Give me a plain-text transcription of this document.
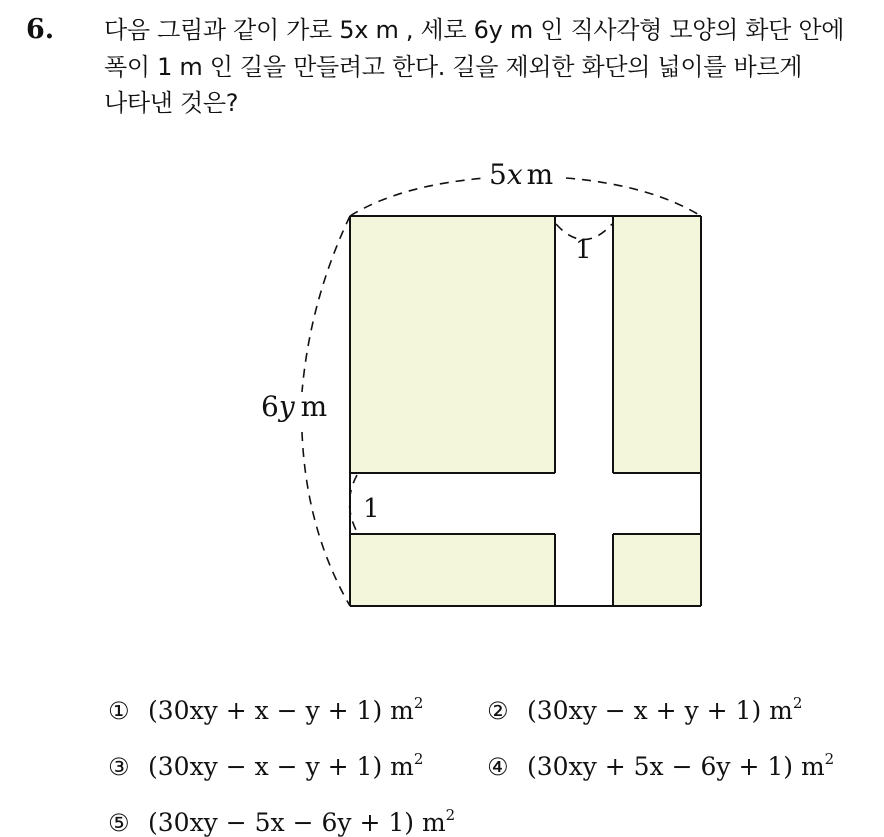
6. 다음 그림과 같이 가로 5x m , 세로 6y m 인 직사각형 모양의 화단 안에
폭이 1 m 인 길을 만들려고 한다. 길을 제외한 화단의 넓이를 바르게
나타낸 것은?
5x m
6y m
1
1
① (30xy + x − y + 1) $m^2$	② (30xy − x + y + 1) $m^2$
③ (30xy − x − y + 1) $m^2$	④ (30xy + 5x − 6y + 1) $m^2$
⑤ (30xy − 5x − 6y + 1) $m^2$
